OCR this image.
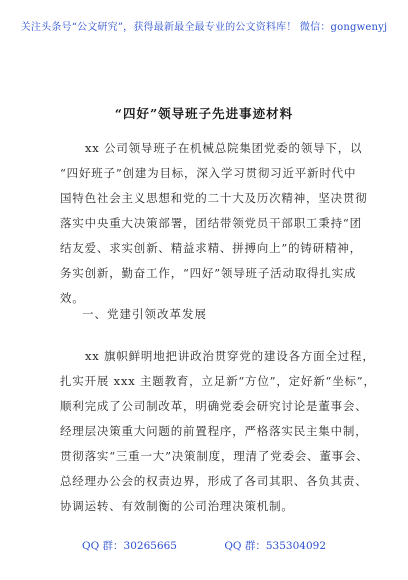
关注头条号“公文研究”，获得最新最全最专业的公文资料库！ 微信：gongwenyj
“四好”领导班子先进事迹材料
xx 公司领导班子在机械总院集团党委的领导下，以
“四好班子”创建为目标，深入学习贯彻习近平新时代中
国特色社会主义思想和党的二十大及历次精神，坚决贯彻
落实中央重大决策部署，团结带领党员干部职工秉持“团
结友爱、求实创新、精益求精、拼搏向上”的铸研精神，
务实创新，勤奋工作，“四好”领导班子活动取得扎实成
效。
一、党建引领改革发展
xx 旗帜鲜明地把讲政治贯穿党的建设各方面全过程，
扎实开展 xxx 主题教育，立足新“方位”，定好新“坐标”，
顺利完成了公司制改革，明确党委会研究讨论是董事会、
经理层决策重大问题的前置程序，严格落实民主集中制，
贯彻落实“三重一大”决策制度，理清了党委会、董事会、
总经理办公会的权责边界，形成了各司其职、各负其责、
协调运转、有效制衡的公司治理决策机制。
QQ 群：30265665	QQ 群：535304092
